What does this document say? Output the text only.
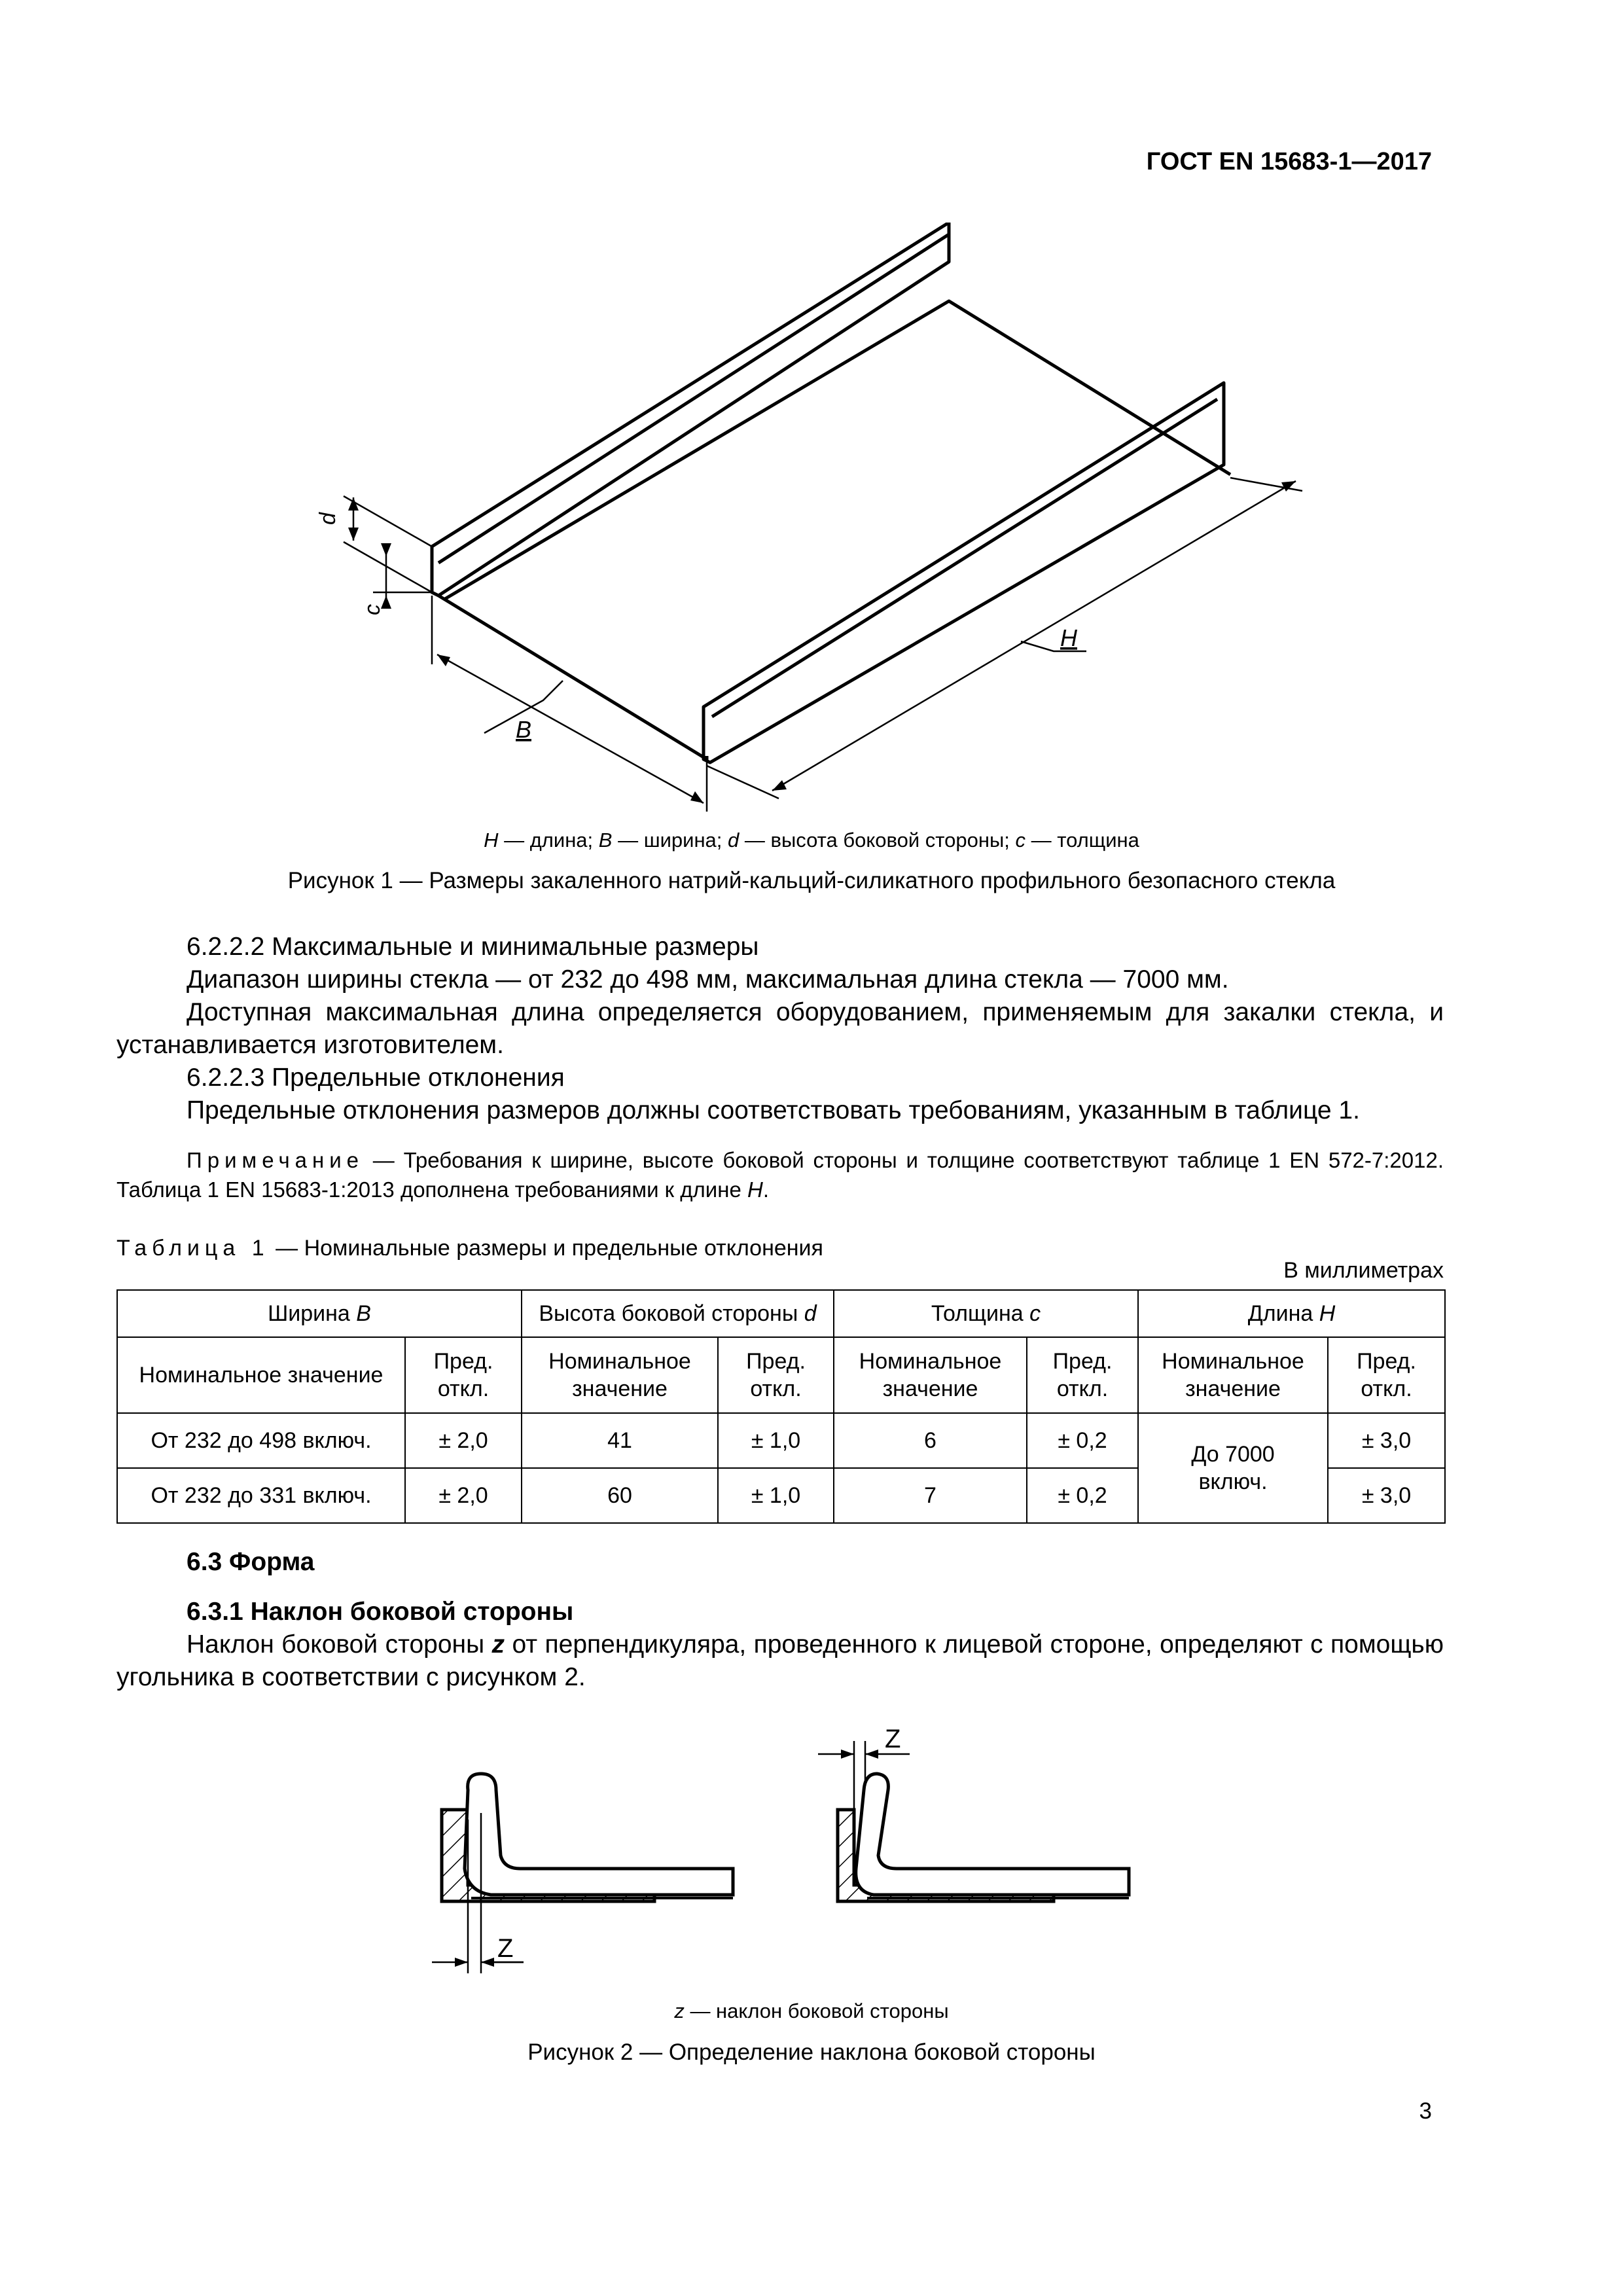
ГОСТ EN 15683-1—2017
d
c
B
H
H — длина; B — ширина; d — высота боковой стороны; c — толщина
Рисунок 1 — Размеры закаленного натрий-кальций-силикатного профильного безопасного стекла
6.2.2.2 Максимальные и минимальные размеры
Диапазон ширины стекла — от 232 до 498 мм, максимальная длина стекла — 7000 мм.
Доступная максимальная длина определяется оборудованием, применяемым для закалки стекла, и устанавливается изготовителем.
6.2.2.3 Предельные отклонения
Предельные отклонения размеров должны соответствовать требованиям, указанным в таблице 1.
Примечание — Требования к ширине, высоте боковой стороны и толщине соответствуют таблице 1 EN 572-7:2012. Таблица 1 EN 15683-1:2013 дополнена требованиями к длине H.
Таблица 1 — Номинальные размеры и предельные отклонения
В миллиметрах
Ширина B		Высота боковой стороны d		Толщина c		Длина H	
Номинальное значение	Пред. откл.	Номинальное значение	Пред. откл.	Номинальное значение	Пред. откл.	Номинальное значение	Пред. откл.
От 232 до 498 включ.	± 2,0	41	± 1,0	6	± 0,2	До 7000 включ.	± 3,0
От 232 до 331 включ.	± 2,0	60	± 1,0	7	± 0,2		± 3,0
6.3 Форма
6.3.1 Наклон боковой стороны
Наклон боковой стороны z от перпендикуляра, проведенного к лицевой стороне, определяют с помощью угольника в соответствии с рисунком 2.
Z
Z
z — наклон боковой стороны
Рисунок 2 — Определение наклона боковой стороны
3
